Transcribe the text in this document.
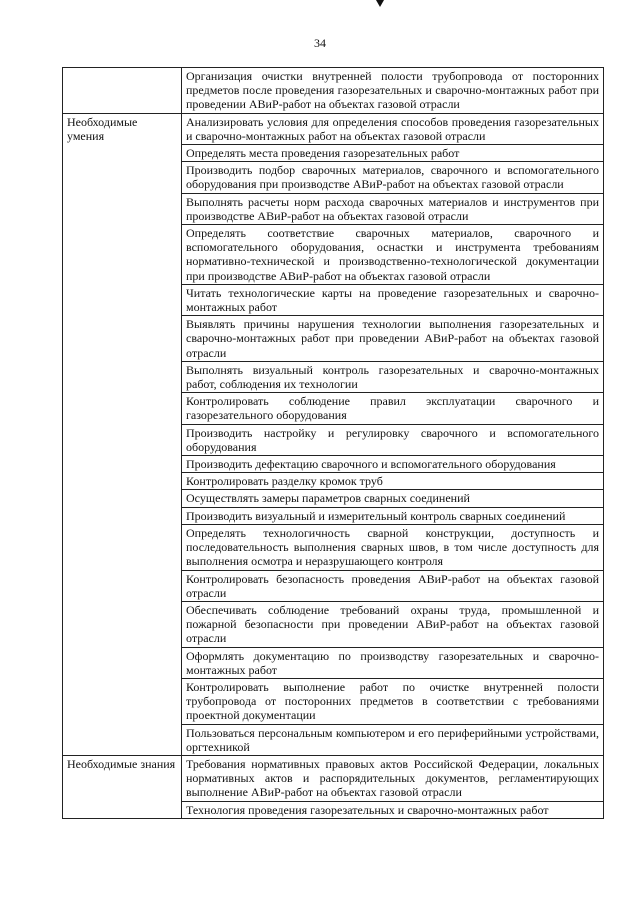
34
	Организация очистки внутренней полости трубопровода от посторонних предметов после проведения газорезательных и сварочно-монтажных работ при проведении АВиР-работ на объектах газовой отрасли
Необходимые умения	Анализировать условия для определения способов проведения газорезательных и сварочно-монтажных работ на объектах газовой отрасли
	Определять места проведения газорезательных работ
	Производить подбор сварочных материалов, сварочного и вспомогательного оборудования при производстве АВиР-работ на объектах газовой отрасли
	Выполнять расчеты норм расхода сварочных материалов и инструментов при производстве АВиР-работ на объектах газовой отрасли
	Определять соответствие сварочных материалов, сварочного и вспомогательного оборудования, оснастки и инструмента требованиям нормативно-технической и производственно-технологической документации при производстве АВиР-работ на объектах газовой отрасли
	Читать технологические карты на проведение газорезательных и сварочно-монтажных работ
	Выявлять причины нарушения технологии выполнения газорезательных и сварочно-монтажных работ при проведении АВиР-работ на объектах газовой отрасли
	Выполнять визуальный контроль газорезательных и сварочно-монтажных работ, соблюдения их технологии
	Контролировать соблюдение правил эксплуатации сварочного и газорезательного оборудования
	Производить настройку и регулировку сварочного и вспомогательного оборудования
	Производить дефектацию сварочного и вспомогательного оборудования
	Контролировать разделку кромок труб
	Осуществлять замеры параметров сварных соединений
	Производить визуальный и измерительный контроль сварных соединений
	Определять технологичность сварной конструкции, доступность и последовательность выполнения сварных швов, в том числе доступность для выполнения осмотра и неразрушающего контроля
	Контролировать безопасность проведения АВиР-работ на объектах газовой отрасли
	Обеспечивать соблюдение требований охраны труда, промышленной и пожарной безопасности при проведении АВиР-работ на объектах газовой отрасли
	Оформлять документацию по производству газорезательных и сварочно-монтажных работ
	Контролировать выполнение работ по очистке внутренней полости трубопровода от посторонних предметов в соответствии с требованиями проектной документации
	Пользоваться персональным компьютером и его периферийными устройствами, оргтехникой
Необходимые знания	Требования нормативных правовых актов Российской Федерации, локальных нормативных актов и распорядительных документов, регламентирующих выполнение АВиР-работ на объектах газовой отрасли
	Технология проведения газорезательных и сварочно-монтажных работ
